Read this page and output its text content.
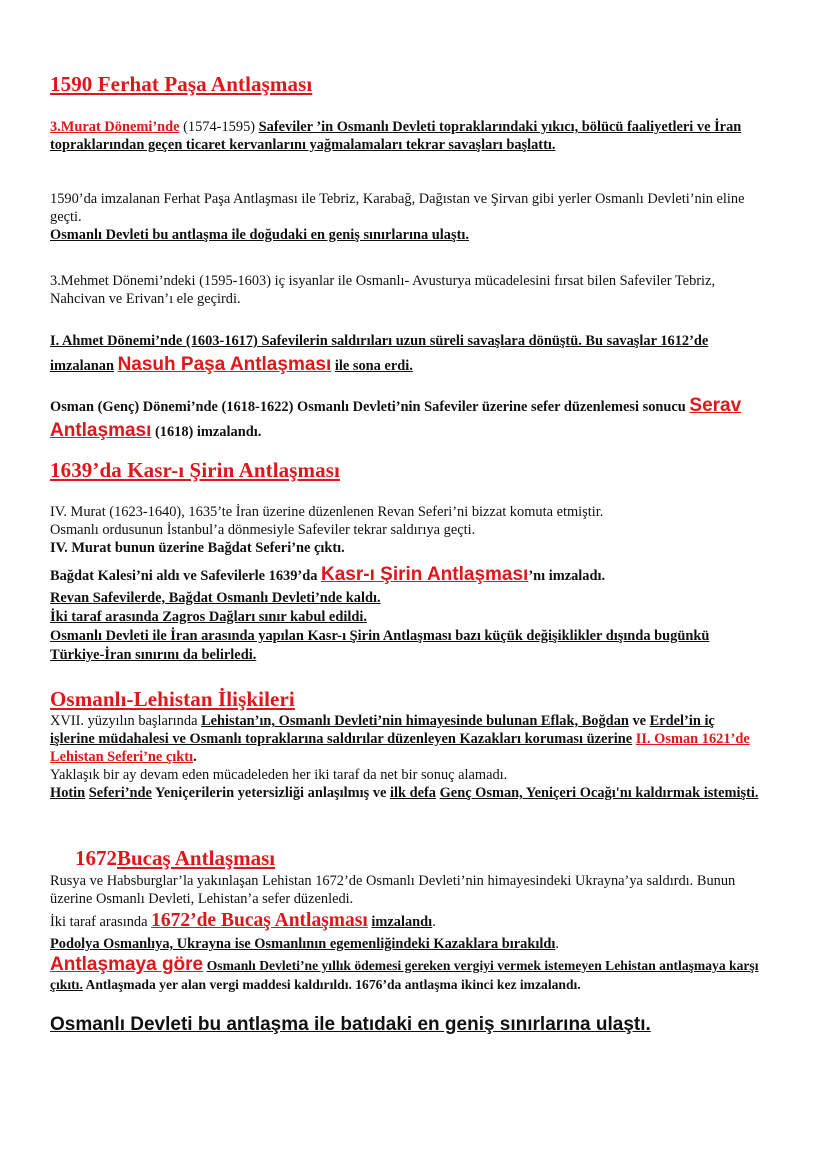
1590 Ferhat Paşa Antlaşması
3.Murat Dönemi’nde (1574-1595) Safeviler ’in Osmanlı Devleti topraklarındaki yıkıcı, bölücü faaliyetleri ve İran topraklarından geçen ticaret kervanlarını yağmalamaları tekrar savaşları başlattı.
1590’da imzalanan Ferhat Paşa Antlaşması ile Tebriz, Karabağ, Dağıstan ve Şirvan gibi yerler Osmanlı Devleti’nin eline geçti.
Osmanlı Devleti bu antlaşma ile doğudaki en geniş sınırlarına ulaştı.
3.Mehmet Dönemi’ndeki (1595-1603) iç isyanlar ile Osmanlı- Avusturya mücadelesini fırsat bilen Safeviler Tebriz, Nahcivan ve Erivan’ı ele geçirdi.
I. Ahmet Dönemi’nde (1603-1617) Safevilerin saldırıları uzun süreli savaşlara dönüştü. Bu savaşlar 1612’de imzalanan Nasuh Paşa Antlaşması ile sona erdi.
Osman (Genç) Dönemi’nde (1618-1622) Osmanlı Devleti’nin Safeviler üzerine sefer düzenlemesi sonucu Serav Antlaşması (1618) imzalandı.
1639’da Kasr-ı Şirin Antlaşması
IV. Murat (1623-1640), 1635’te İran üzerine düzenlenen Revan Seferi’ni bizzat komuta etmiştir.
Osmanlı ordusunun İstanbul’a dönmesiyle Safeviler tekrar saldırıya geçti.
IV. Murat bunun üzerine Bağdat Seferi’ne çıktı.
Bağdat Kalesi’ni aldı ve Safevilerle 1639’da Kasr-ı Şirin Antlaşması’nı imzaladı.
Revan Safevilerde, Bağdat Osmanlı Devleti’nde kaldı.
İki taraf arasında Zagros Dağları sınır kabul edildi.
Osmanlı Devleti ile İran arasında yapılan Kasr-ı Şirin Antlaşması bazı küçük değişiklikler dışında bugünkü Türkiye-İran sınırını da belirledi.
Osmanlı-Lehistan İlişkileri
XVII. yüzyılın başlarında Lehistan’ın, Osmanlı Devleti’nin himayesinde bulunan Eflak, Boğdan ve Erdel’in iç işlerine müdahalesi ve Osmanlı topraklarına saldırılar düzenleyen Kazakları koruması üzerine II. Osman 1621’de Lehistan Seferi’ne çıktı.
Yaklaşık bir ay devam eden mücadeleden her iki taraf da net bir sonuç alamadı.
Hotin Seferi’nde Yeniçerilerin yetersizliği anlaşılmış ve ilk defa Genç Osman, Yeniçeri Ocağı'nı kaldırmak istemişti.
1672Bucaş Antlaşması
Rusya ve Habsburglar’la yakınlaşan Lehistan 1672’de Osmanlı Devleti’nin himayesindeki Ukrayna’ya saldırdı. Bunun üzerine Osmanlı Devleti, Lehistan’a sefer düzenledi.
İki taraf arasında 1672’de Bucaş Antlaşması imzalandı.
Podolya Osmanlıya, Ukrayna ise Osmanlının egemenliğindeki Kazaklara bırakıldı.
Antlaşmaya göre Osmanlı Devleti’ne yıllık ödemesi gereken vergiyi vermek istemeyen Lehistan antlaşmaya karşı çıkıtı. Antlaşmada yer alan vergi maddesi kaldırıldı. 1676’da antlaşma ikinci kez imzalandı.
Osmanlı Devleti bu antlaşma ile batıdaki en geniş sınırlarına ulaştı.
